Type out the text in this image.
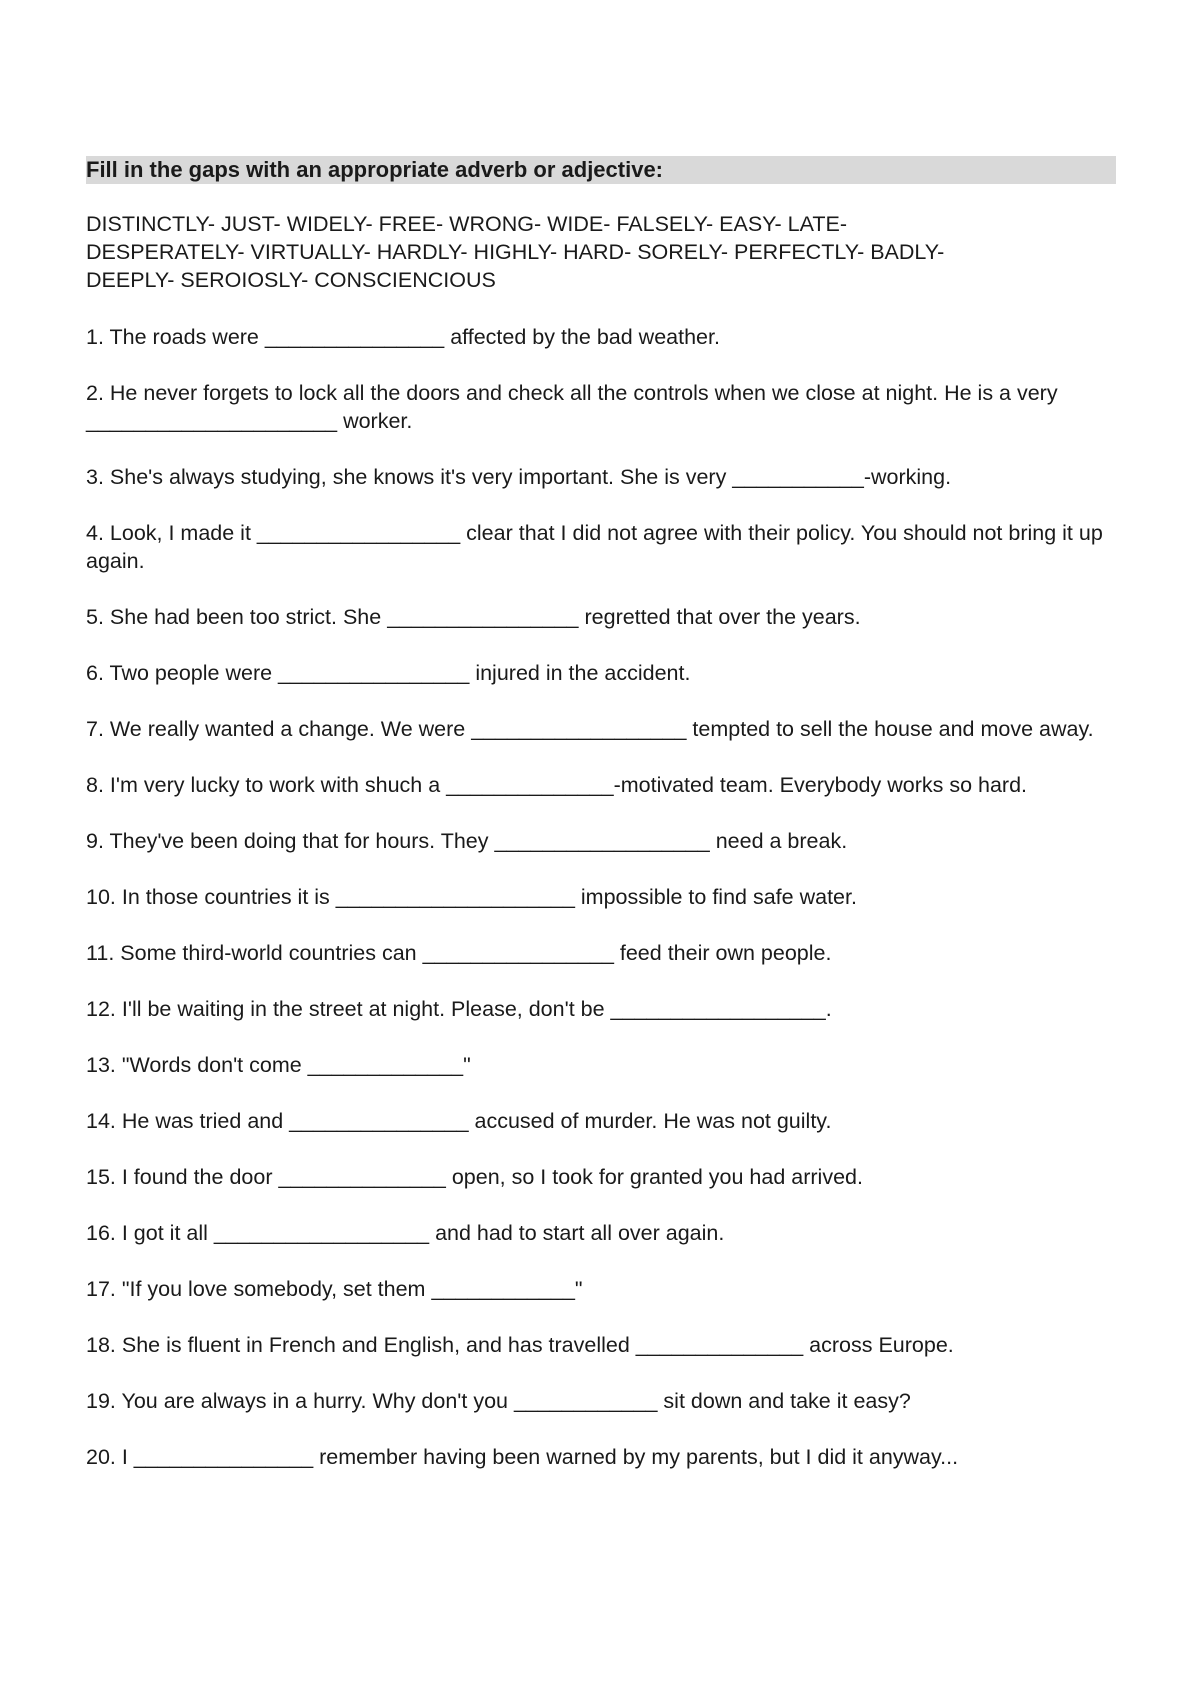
Fill in the gaps with an appropriate adverb or adjective:
DISTINCTLY- JUST- WIDELY- FREE- WRONG- WIDE- FALSELY- EASY- LATE-
DESPERATELY- VIRTUALLY- HARDLY- HIGHLY- HARD- SORELY- PERFECTLY- BADLY-
DEEPLY- SEROIOSLY- CONSCIENCIOUS

1. The roads were _______________ affected by the bad weather.

2. He never forgets to lock all the doors and check all the controls when we close at night. He is a very _____________________ worker.

3. She's always studying, she knows it's very important. She is very ___________-working.

4. Look, I made it _________________ clear that I did not agree with their policy. You should not bring it up again.

5. She had been too strict. She ________________ regretted that over the years.

6. Two people were ________________ injured in the accident.

7. We really wanted a change. We were __________________ tempted to sell the house and move away.

8. I'm very lucky to work with shuch a ______________-motivated team. Everybody works so hard.

9. They've been doing that for hours. They __________________ need a break.

10. In those countries it is ____________________ impossible to find safe water.

11. Some third-world countries can ________________ feed their own people.

12. I'll be waiting in the street at night. Please, don't be __________________.

13. "Words don't come _____________"

14. He was tried and _______________ accused of murder. He was not guilty.

15. I found the door ______________ open, so I took for granted you had arrived.

16. I got it all __________________ and had to start all over again.

17. "If you love somebody, set them ____________"

18. She is fluent in French and English, and has travelled ______________ across Europe.

19. You are always in a hurry. Why don't you ____________ sit down and take it easy?

20. I _______________ remember having been warned by my parents, but I did it anyway...
